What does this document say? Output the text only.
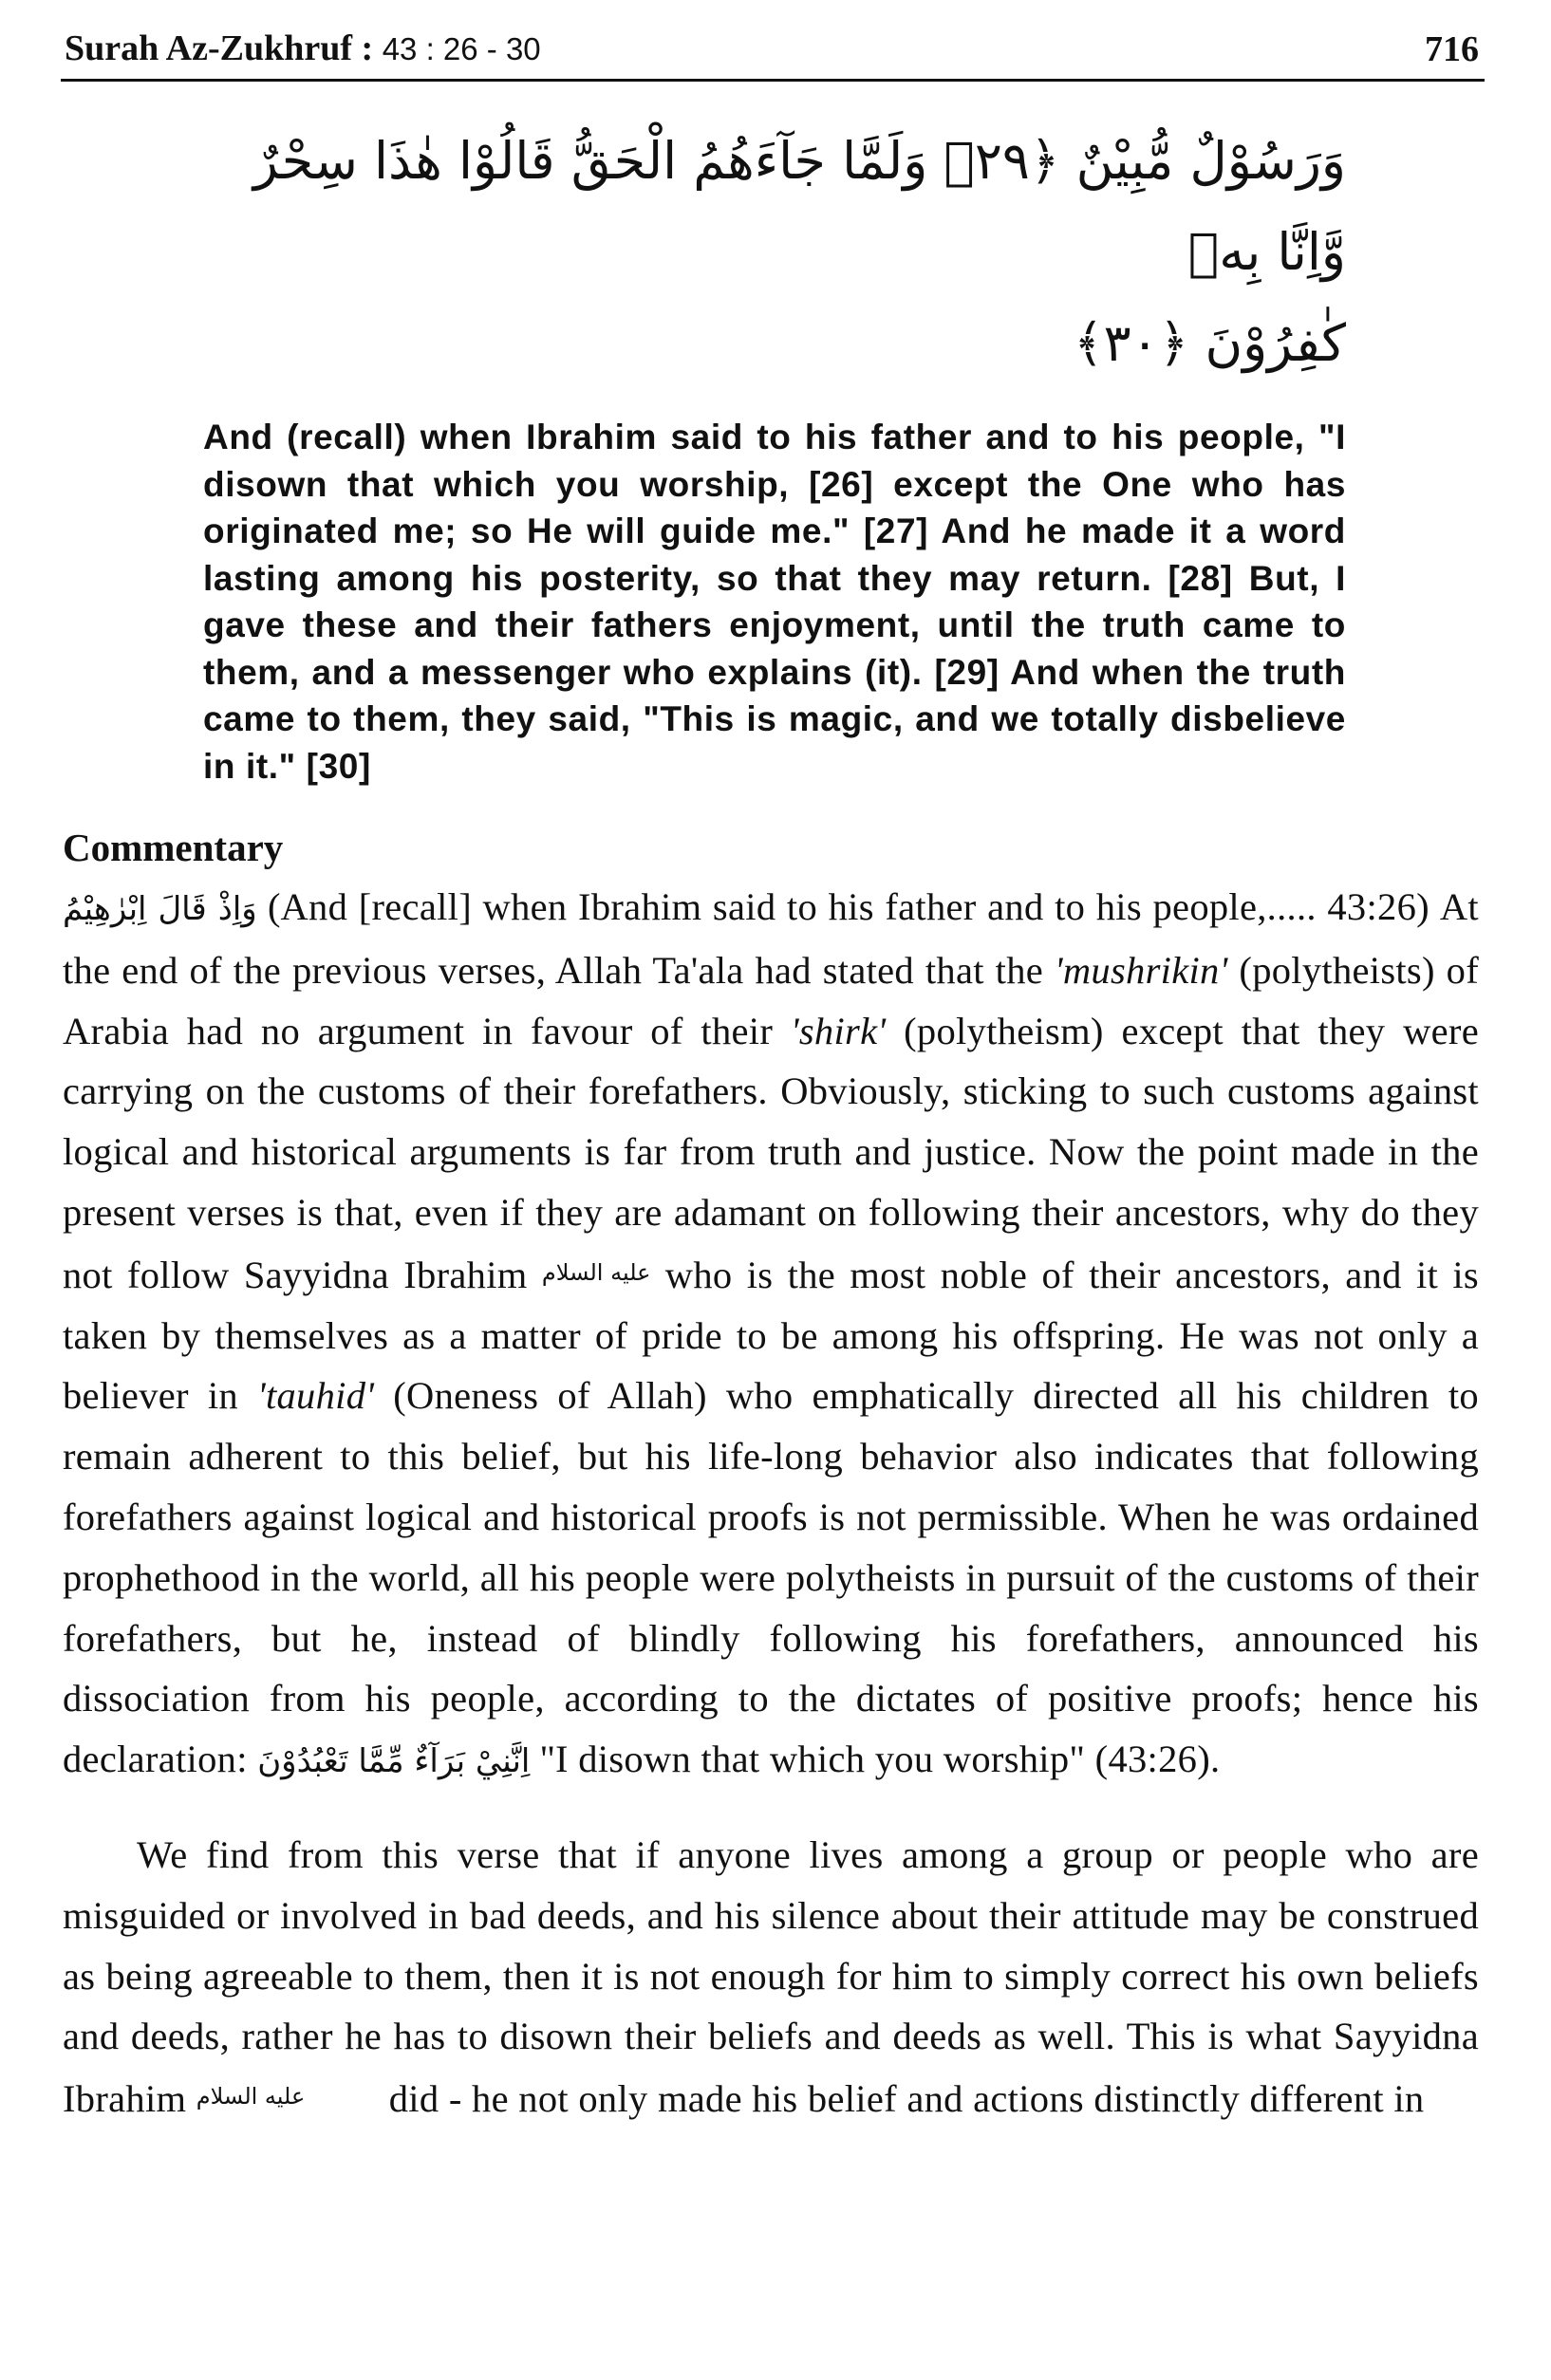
Surah Az-Zukhruf : 43 : 26 - 30	716
وَرَسُوْلٌ مُّبِيْنٌ ﴿٢٩﴾ وَلَمَّا جَآءَهُمُ الْحَقُّ قَالُوْا هٰذَا سِحْرٌ وَّاِنَّا بِهٖ
كٰفِرُوْنَ ﴿٣٠﴾
And (recall) when Ibrahim said to his father and to his people, "I disown that which you worship, [26] except the One who has originated me; so He will guide me." [27] And he made it a word lasting among his posterity, so that they may return. [28] But, I gave these and their fathers enjoyment, until the truth came to them, and a messenger who explains (it). [29] And when the truth came to them, they said, "This is magic, and we totally disbelieve in it." [30]
Commentary

وَاِذْ قَالَ اِبْرٰهِيْمُ (And [recall] when Ibrahim said to his father and to his people,..... 43:26) At the end of the previous verses, Allah Ta'ala had stated that the 'mushrikin' (polytheists) of Arabia had no argument in favour of their 'shirk' (polytheism) except that they were carrying on the customs of their forefathers. Obviously, sticking to such customs against logical and historical arguments is far from truth and justice. Now the point made in the present verses is that, even if they are adamant on following their ancestors, why do they not follow Sayyidna Ibrahim عليه السلام who is the most noble of their ancestors, and it is taken by themselves as a matter of pride to be among his offspring. He was not only a believer in 'tauhid' (Oneness of Allah) who emphatically directed all his children to remain adherent to this belief, but his life-long behavior also indicates that following forefathers against logical and historical proofs is not permissible. When he was ordained prophethood in the world, all his people were polytheists in pursuit of the customs of their forefathers, but he, instead of blindly following his forefathers, announced his dissociation from his people, according to the dictates of positive proofs; hence his declaration: اِنَّنِيْ بَرَآءٌ مِّمَّا تَعْبُدُوْنَ "I disown that which you worship" (43:26).

We find from this verse that if anyone lives among a group or people who are misguided or involved in bad deeds, and his silence about their attitude may be construed as being agreeable to them, then it is not enough for him to simply correct his own beliefs and deeds, rather he has to disown their beliefs and deeds as well. This is what Sayyidna Ibrahim عليه السلام did - he not only made his belief and actions distinctly different in
